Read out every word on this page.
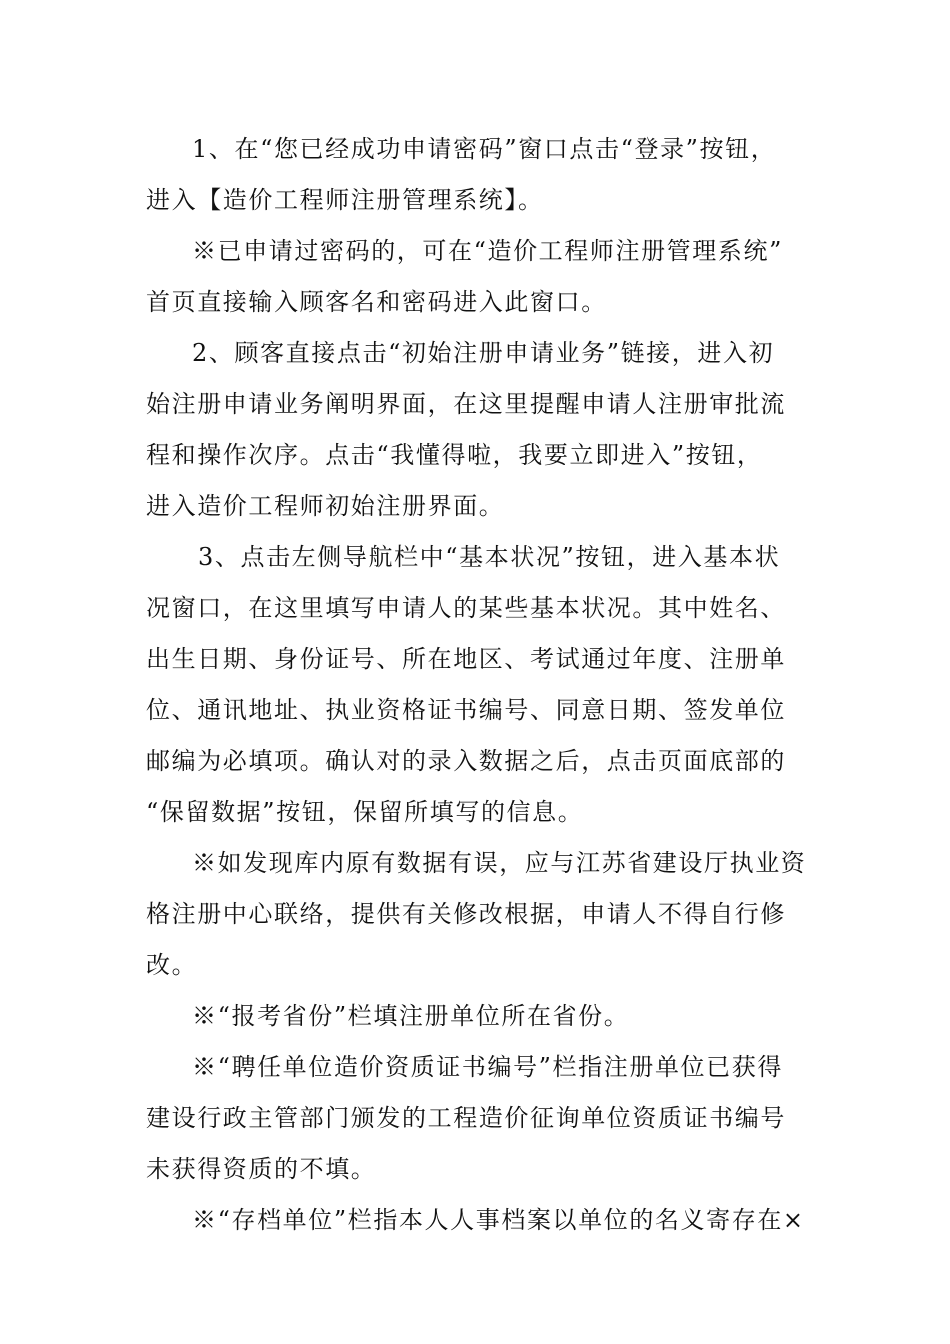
1、在“您已经成功申请密码”窗口点击“登录”按钮，
进入【造价工程师注册管理系统】。
※已申请过密码的，可在“造价工程师注册管理系统”
首页直接输入顾客名和密码进入此窗口。
2、顾客直接点击“初始注册申请业务”链接，进入初
始注册申请业务阐明界面，在这里提醒申请人注册审批流
程和操作次序。点击“我懂得啦，我要立即进入”按钮，
进入造价工程师初始注册界面。
3、点击左侧导航栏中“基本状况”按钮，进入基本状
况窗口，在这里填写申请人的某些基本状况。其中姓名、
出生日期、身份证号、所在地区、考试通过年度、注册单
位、通讯地址、执业资格证书编号、同意日期、签发单位
邮编为必填项。确认对的录入数据之后，点击页面底部的
“保留数据”按钮，保留所填写的信息。
※如发现库内原有数据有误，应与江苏省建设厅执业资
格注册中心联络，提供有关修改根据，申请人不得自行修
改。
※“报考省份”栏填注册单位所在省份。
※“聘任单位造价资质证书编号”栏指注册单位已获得
建设行政主管部门颁发的工程造价征询单位资质证书编号
未获得资质的不填。
※“存档单位”栏指本人人事档案以单位的名义寄存在×
